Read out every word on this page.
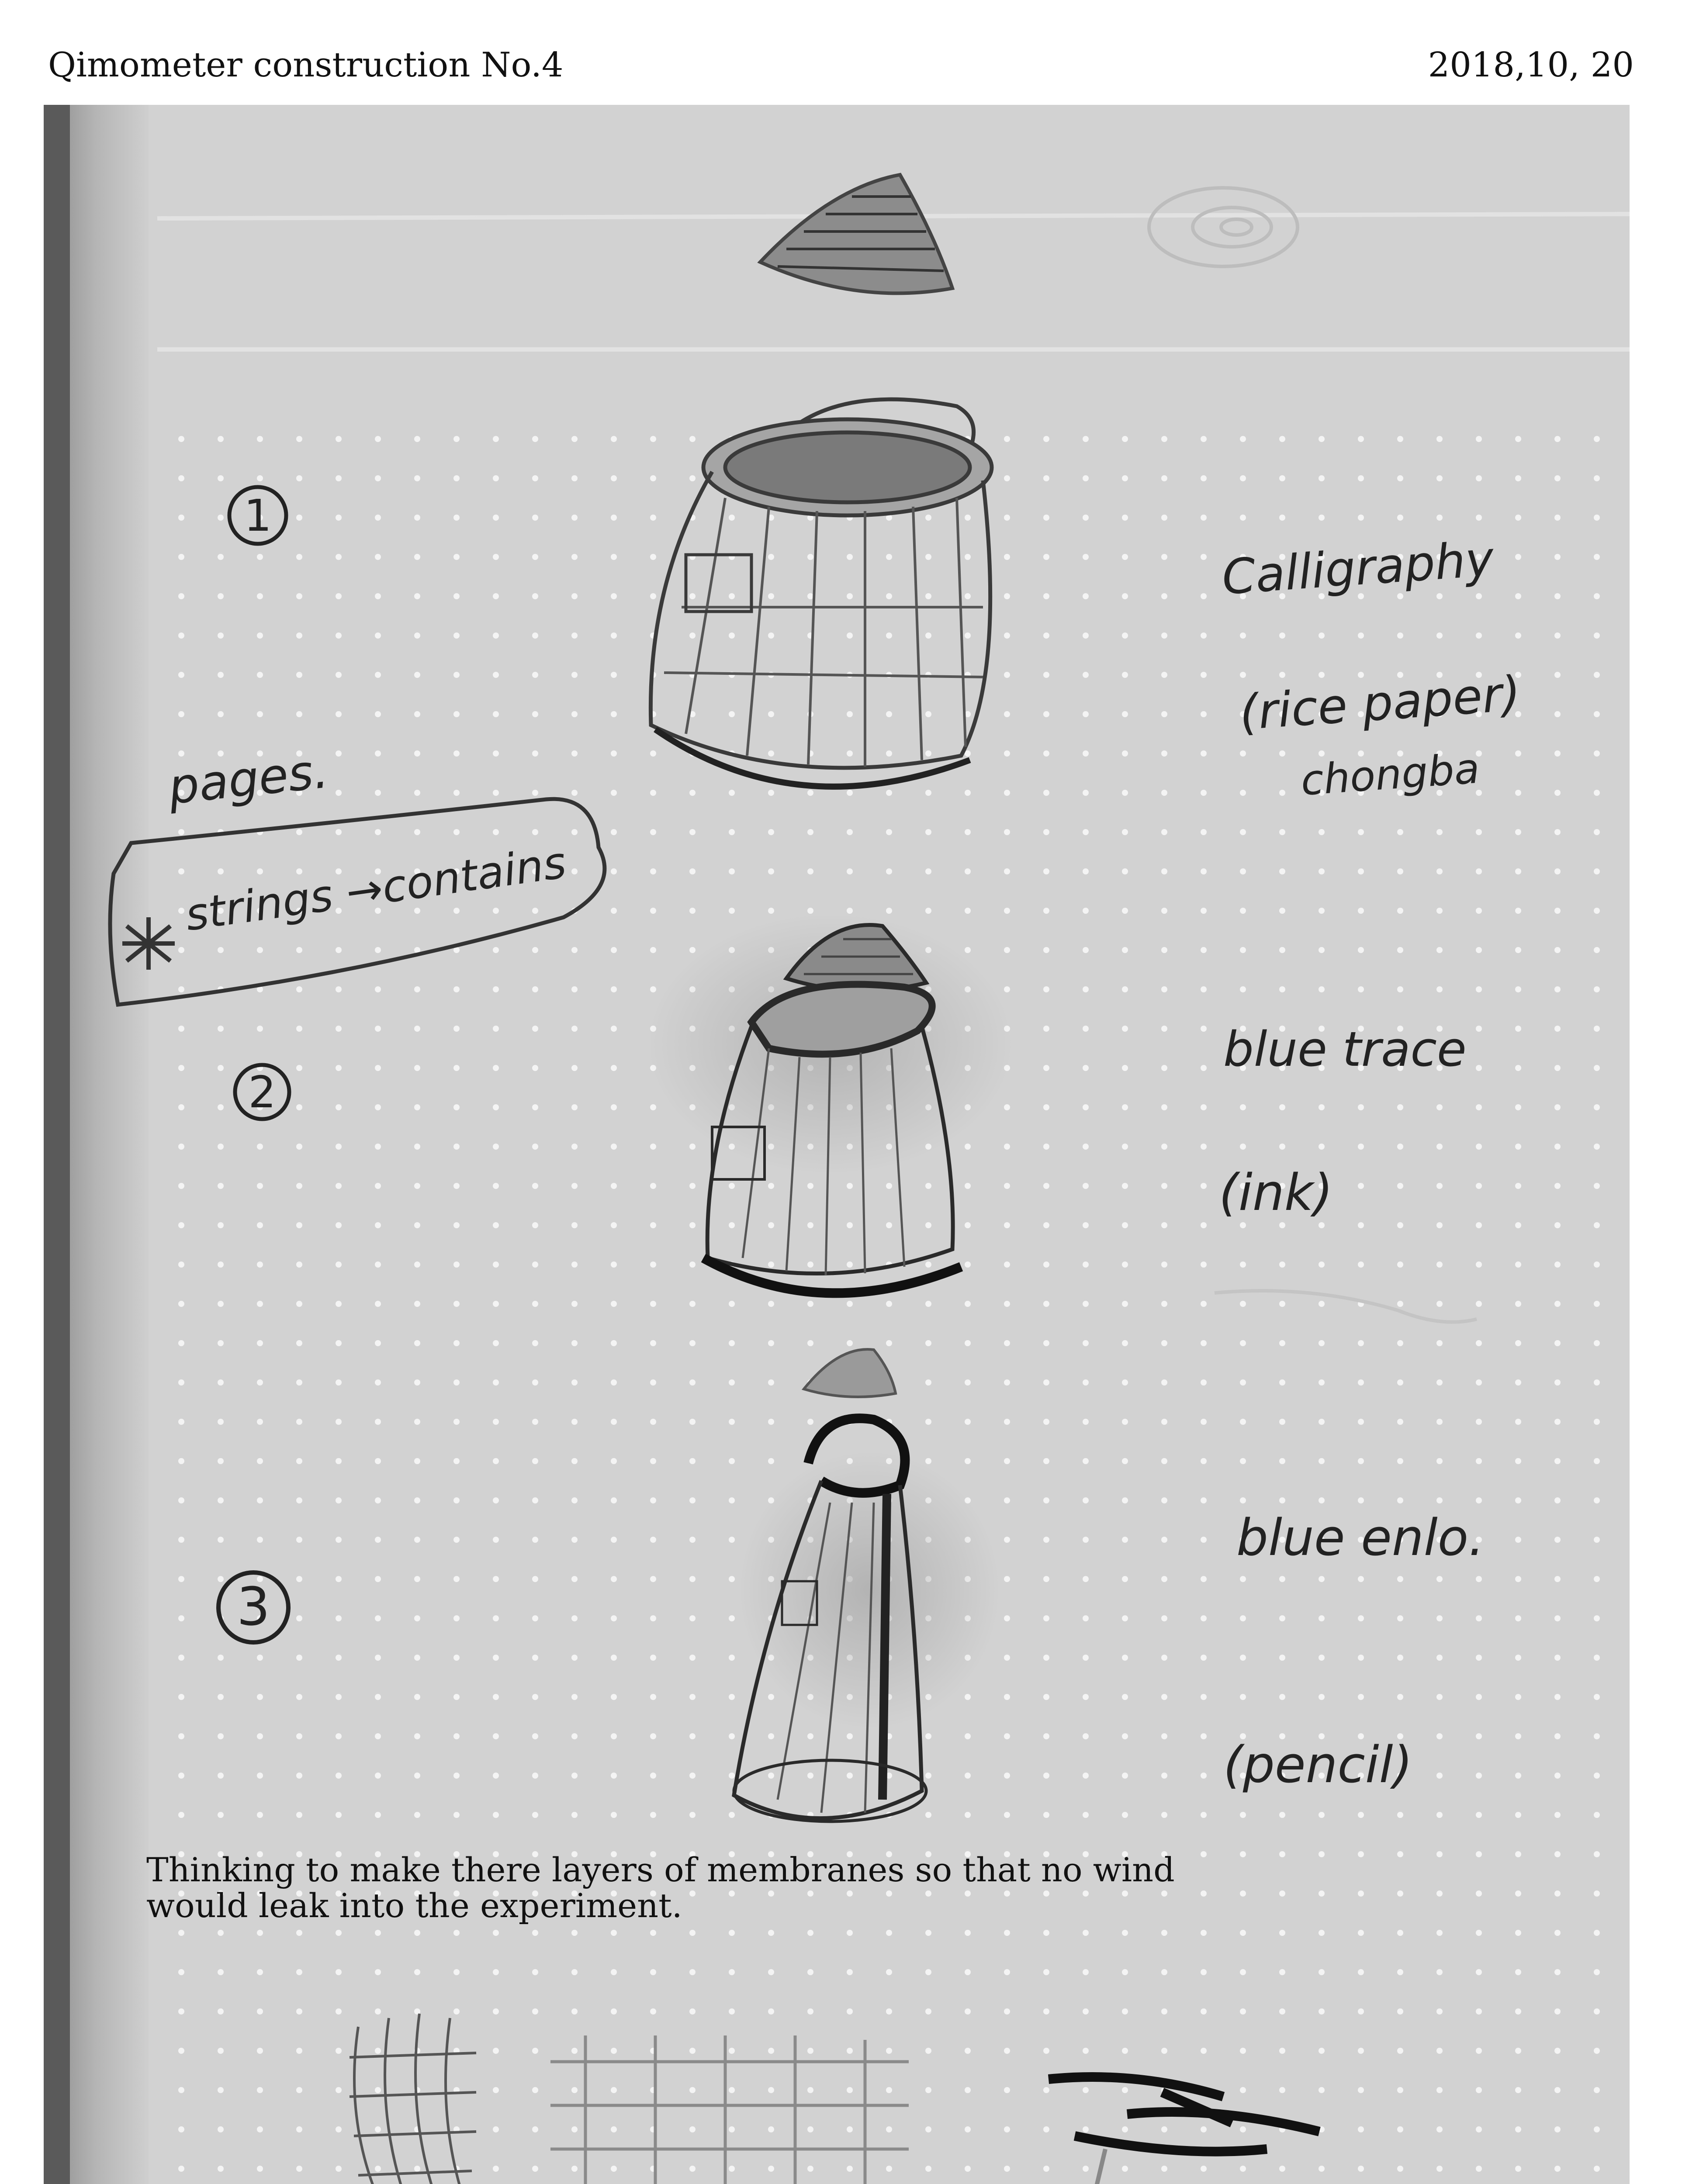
Qimometer construction No.4	2018,10, 20
pages.
strings →contains
1
2
3
Calligraphy
(rice paper)
chongba
blue trace
(ink)
blue enlo.
(pencil)
Thinking to make there layers of membranes so that no wind would leak into the experiment.
